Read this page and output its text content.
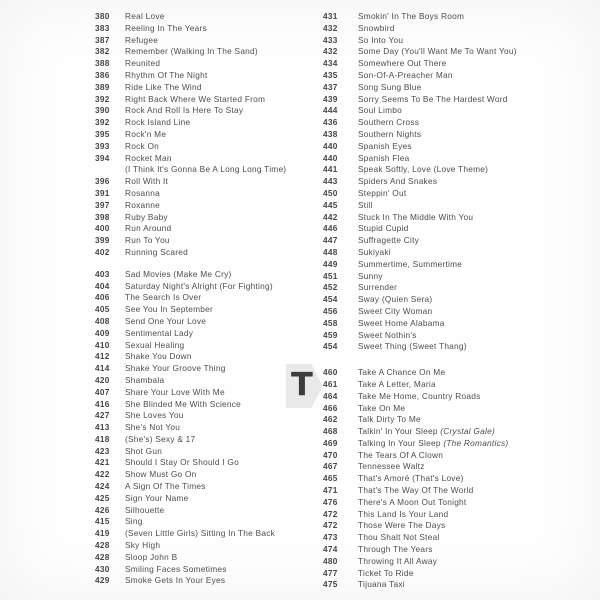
380	Real Love
383	Reeling In The Years
387	Refugee
382	Remember (Walking In The Sand)
388	Reunited
386	Rhythm Of The Night
389	Ride Like The Wind
392	Right Back Where We Started From
390	Rock And Roll Is Here To Stay
392	Rock Island Line
395	Rock'n Me
393	Rock On
394	Rocket Man
(I Think It's Gonna Be A Long Long Time)
396	Roll With It
391	Rosanna
397	Roxanne
398	Ruby Baby
400	Run Around
399	Run To You
402	Running Scared
403	Sad Movies (Make Me Cry)
404	Saturday Night's Alright (For Fighting)
406	The Search Is Over
405	See You In September
408	Send One Your Love
409	Sentimental Lady
410	Sexual Healing
412	Shake You Down
414	Shake Your Groove Thing
420	Shambala
407	Share Your Love With Me
416	She Blinded Me With Science
427	She Loves You
413	She's Not You
418	(She's) Sexy & 17
423	Shot Gun
421	Should I Stay Or Should I Go
422	Show Must Go On
424	A Sign Of The Times
425	Sign Your Name
426	Silhouette
415	Sing
419	(Seven Little Girls) Sitting In The Back
428	Sky High
428	Sloop John B
430	Smiling Faces Sometimes
429	Smoke Gets In Your Eyes
431	Smokin' In The Boys Room
432	Snowbird
433	So Into You
432	Some Day (You'll Want Me To Want You)
434	Somewhere Out There
435	Son-Of-A-Preacher Man
437	Song Sung Blue
439	Sorry Seems To Be The Hardest Word
444	Soul Limbo
436	Southern Cross
438	Southern Nights
440	Spanish Eyes
440	Spanish Flea
441	Speak Softly, Love (Love Theme)
443	Spiders And Snakes
450	Steppin' Out
445	Still
442	Stuck In The Middle With You
446	Stupid Cupid
447	Suffragette City
448	Sukiyaki
449	Summertime, Summertime
451	Sunny
452	Surrender
454	Sway (Quien Sera)
456	Sweet City Woman
458	Sweet Home Alabama
459	Sweet Nothin's
454	Sweet Thing (Sweet Thang)
460	Take A Chance On Me
461	Take A Letter, Maria
464	Take Me Home, Country Roads
466	Take On Me
462	Talk Dirty To Me
468	Talkin' In Your Sleep (Crystal Gale)
469	Talking In Your Sleep (The Romantics)
470	The Tears Of A Clown
467	Tennessee Waltz
465	That's Amoré (That's Love)
471	That's The Way Of The World
476	There's A Moon Out Tonight
472	This Land Is Your Land
472	Those Were The Days
473	Thou Shalt Not Steal
474	Through The Years
480	Throwing It All Away
477	Ticket To Ride
475	Tijuana Taxi
T
